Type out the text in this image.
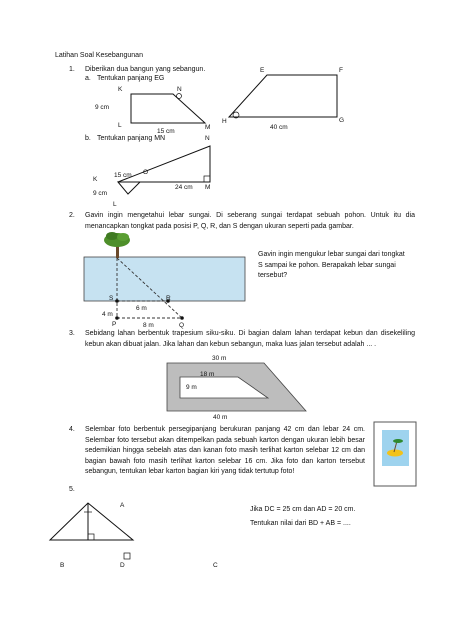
Latihan Soal Kesebangunan
1. Diberikan dua bangun yang sebangun.
a. Tentukan panjang EG
K	N
L	M
9 cm
15 cm
E	F
H	G
40 cm
b. Tentukan panjang MN	N
O
K
L
M
15 cm
24 cm
9 cm
2. Gavin ingin mengetahui lebar sungai. Di seberang sungai terdapat sebuah pohon. Untuk itu dia menancapkan tongkat pada posisi P, Q, R, dan S dengan ukuran seperti pada gambar.
S	R
6 m
4 m
P	8 m	Q
Gavin ingin mengukur lebar sungai dari tongkat S sampai ke pohon. Berapakah lebar sungai tersebut?
3. Sebidang lahan berbentuk trapesium siku-siku. Di bagian dalam lahan terdapat kebun dan disekeliling kebun akan dibuat jalan. Jika lahan dan kebun sebangun, maka luas jalan tersebut adalah ... .
30 m
18 m
9 m
40 m
4. Selembar foto berbentuk persegipanjang berukuran panjang 42 cm dan lebar 24 cm. Selembar foto tersebut akan ditempelkan pada sebuah karton dengan ukuran lebih besar sedemikian hingga sebelah atas dan kanan foto masih terlihat karton selebar 12 cm dan bagian bawah foto masih terlihat karton selebar 16 cm. Jika foto dan karton tersebut sebangun, tentukan lebar karton bagian kiri yang tidak tertutup foto!
5.
A
B	D	C
Jika DC = 25 cm dan AD = 20 cm.
Tentukan nilai dari BD + AB = ....
